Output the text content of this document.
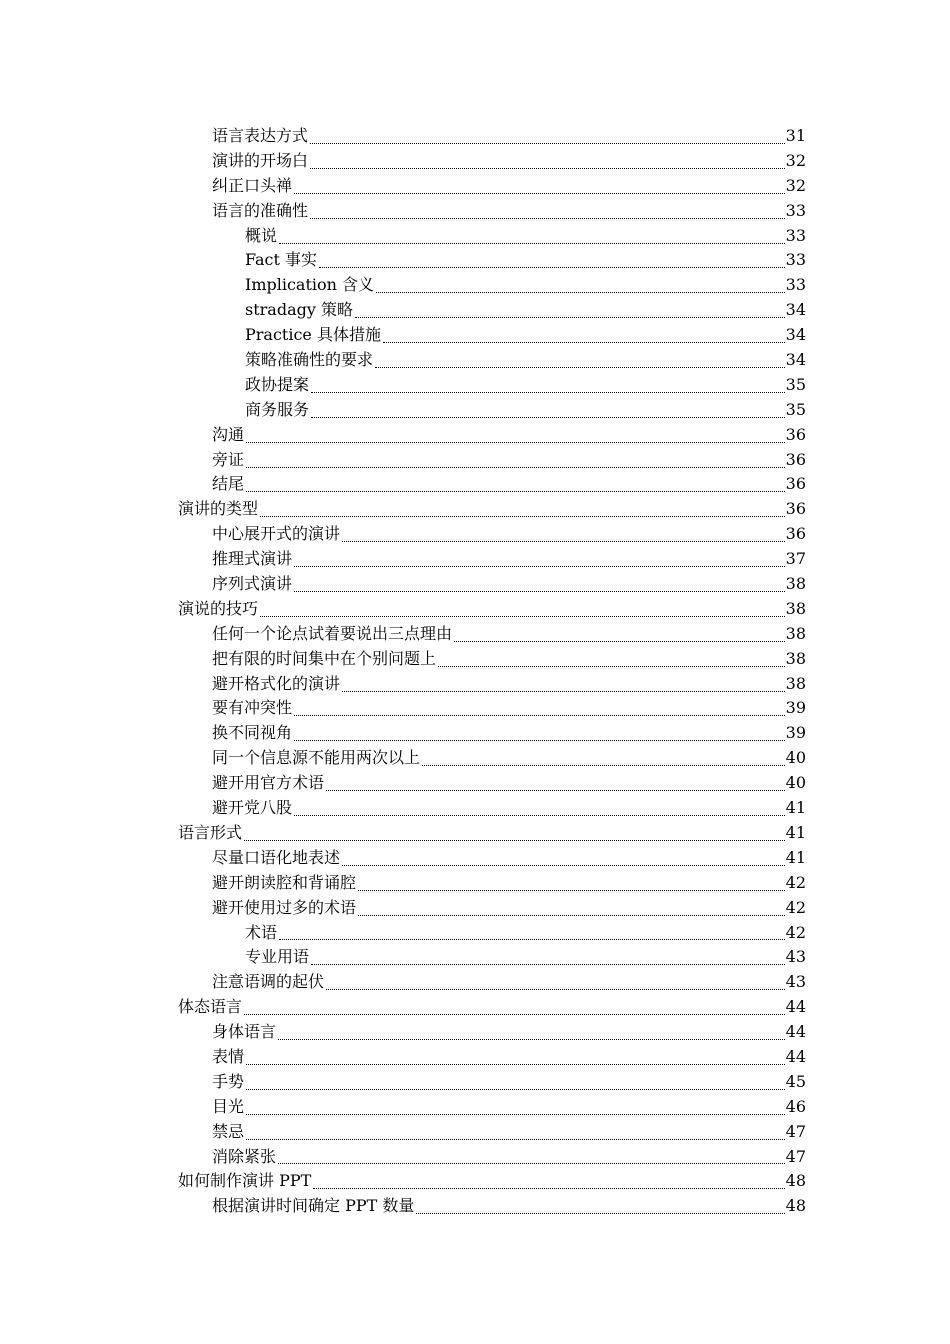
语言表达方式	31
演讲的开场白	32
纠正口头禅	32
语言的准确性	33
概说	33
Fact 事实	33
Implication 含义	33
stradagy 策略	34
Practice 具体措施	34
策略准确性的要求	34
政协提案	35
商务服务	35
沟通	36
旁证	36
结尾	36
演讲的类型	36
中心展开式的演讲	36
推理式演讲	37
序列式演讲	38
演说的技巧	38
任何一个论点试着要说出三点理由	38
把有限的时间集中在个别问题上	38
避开格式化的演讲	38
要有冲突性	39
换不同视角	39
同一个信息源不能用两次以上	40
避开用官方术语	40
避开党八股	41
语言形式	41
尽量口语化地表述	41
避开朗读腔和背诵腔	42
避开使用过多的术语	42
术语	42
专业用语	43
注意语调的起伏	43
体态语言	44
身体语言	44
表情	44
手势	45
目光	46
禁忌	47
消除紧张	47
如何制作演讲 PPT	48
根据演讲时间确定 PPT 数量	48
